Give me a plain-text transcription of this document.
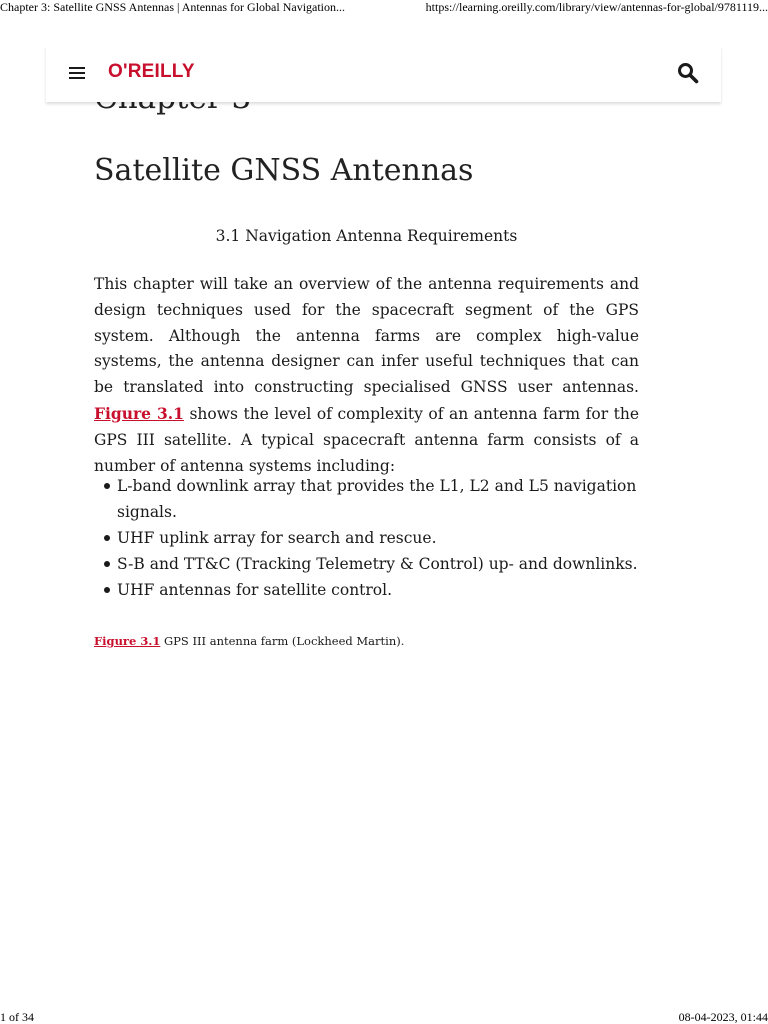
Chapter 3: Satellite GNSS Antennas | Antennas for Global Navigation...	https://learning.oreilly.com/library/view/antennas-for-global/9781119...
O'REILLY
Satellite GNSS Antennas
3.1 Navigation Antenna Requirements

This chapter will take an overview of the antenna requirements and design techniques used for the spacecraft segment of the GPS system. Although the antenna farms are complex high-value systems, the antenna designer can infer useful techniques that can be translated into constructing specialised GNSS user antennas. Figure 3.1 shows the level of complexity of an antenna farm for the GPS III satellite. A typical spacecraft antenna farm consists of a number of antenna systems including:

L-band downlink array that provides the L1, L2 and L5 navigation signals.
UHF uplink array for search and rescue.
S-B and TT&C (Tracking Telemetry & Control) up- and downlinks.
UHF antennas for satellite control.

Figure 3.1 GPS III antenna farm (Lockheed Martin).

1 of 34	08-04-2023, 01:44
